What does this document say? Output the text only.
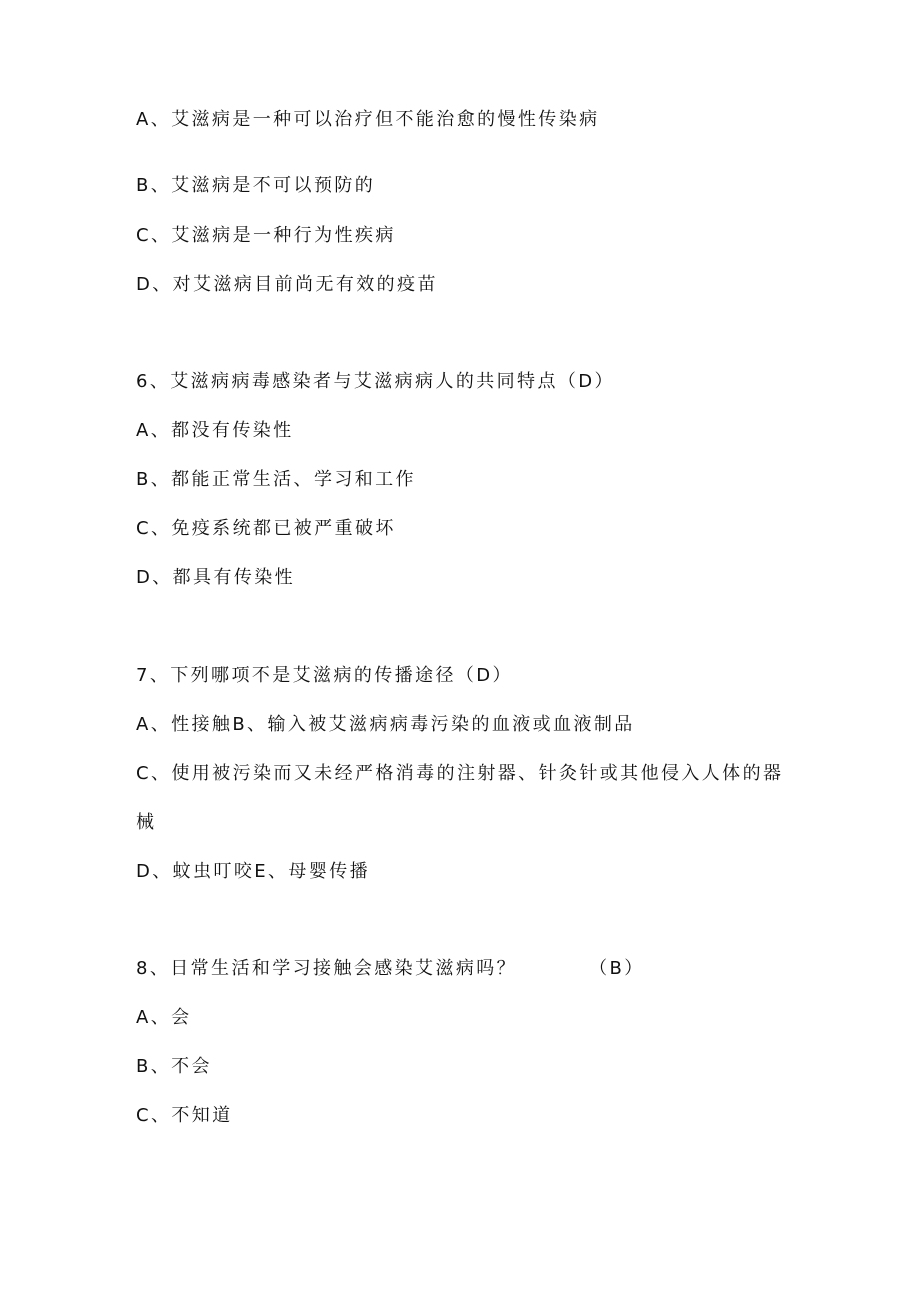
A、艾滋病是一种可以治疗但不能治愈的慢性传染病
B、艾滋病是不可以预防的
C、艾滋病是一种行为性疾病
D、对艾滋病目前尚无有效的疫苗
6、艾滋病病毒感染者与艾滋病病人的共同特点（D）
A、都没有传染性
B、都能正常生活、学习和工作
C、免疫系统都已被严重破坏
D、都具有传染性
7、下列哪项不是艾滋病的传播途径（D）
A、性接触B、输入被艾滋病病毒污染的血液或血液制品
C、使用被污染而又未经严格消毒的注射器、针灸针或其他侵入人体的器
械
D、蚊虫叮咬E、母婴传播
8、日常生活和学习接触会感染艾滋病吗？	（B）
A、会
B、不会
C、不知道
